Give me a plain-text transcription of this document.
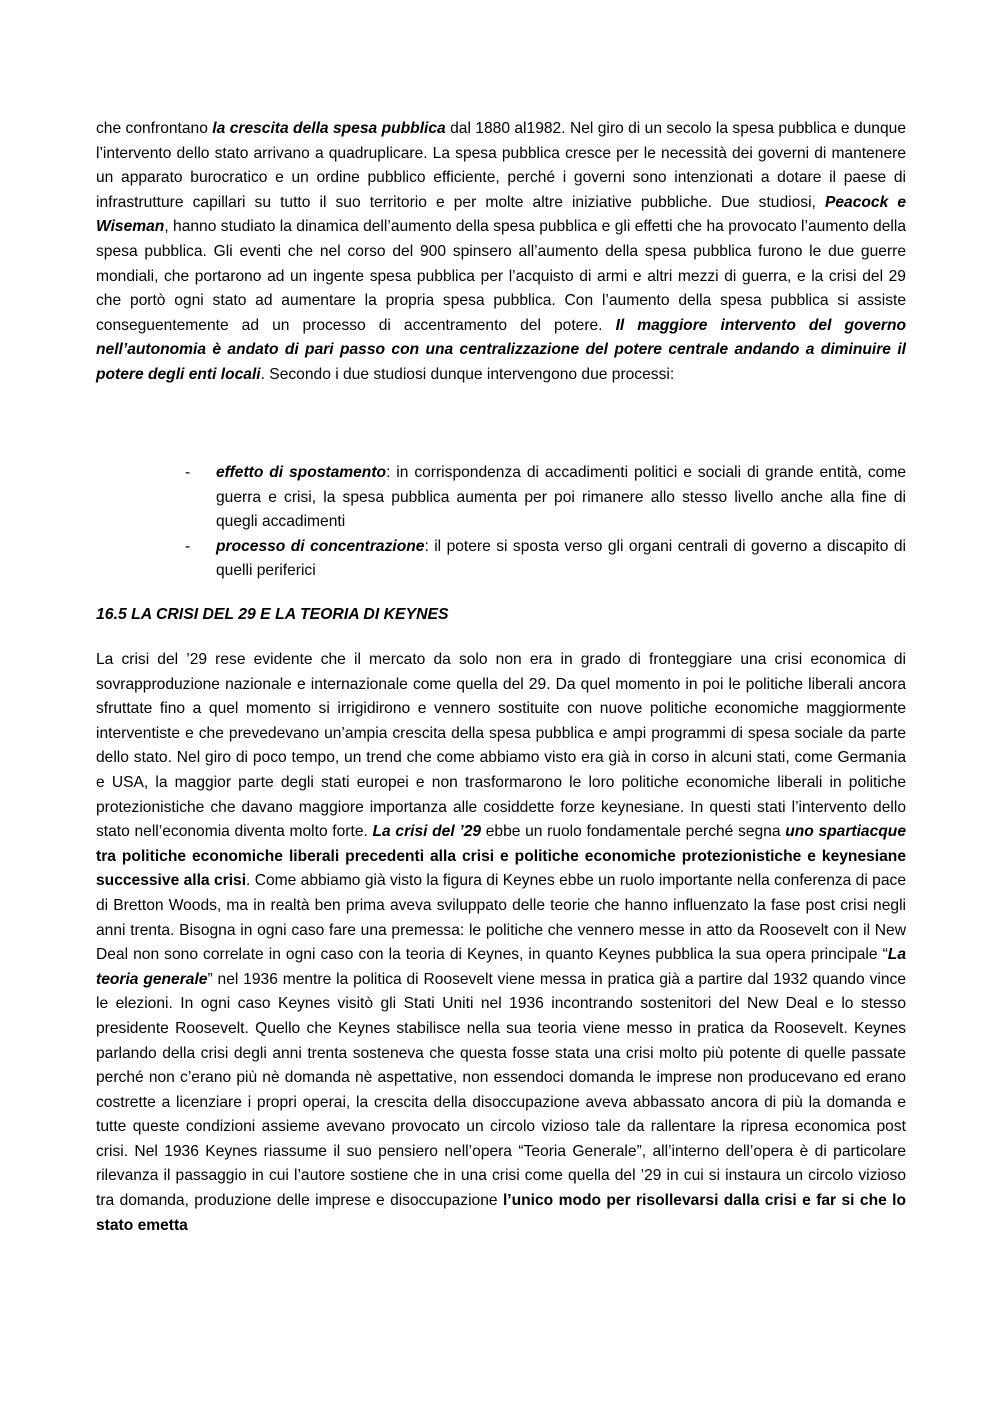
che confrontano la crescita della spesa pubblica dal 1880 al1982. Nel giro di un secolo la spesa pubblica e dunque l’intervento dello stato arrivano a quadruplicare. La spesa pubblica cresce per le necessità dei governi di mantenere un apparato burocratico e un ordine pubblico efficiente, perché i governi sono intenzionati a dotare il paese di infrastrutture capillari su tutto il suo territorio e per molte altre iniziative pubbliche. Due studiosi, Peacock e Wiseman, hanno studiato la dinamica dell’aumento della spesa pubblica e gli effetti che ha provocato l’aumento della spesa pubblica. Gli eventi che nel corso del 900 spinsero all’aumento della spesa pubblica furono le due guerre mondiali, che portarono ad un ingente spesa pubblica per l’acquisto di armi e altri mezzi di guerra, e la crisi del 29 che portò ogni stato ad aumentare la propria spesa pubblica. Con l’aumento della spesa pubblica si assiste conseguentemente ad un processo di accentramento del potere. Il maggiore intervento del governo nell’autonomia è andato di pari passo con una centralizzazione del potere centrale andando a diminuire il potere degli enti locali. Secondo i due studiosi dunque intervengono due processi:

- effetto di spostamento: in corrispondenza di accadimenti politici e sociali di grande entità, come guerra e crisi, la spesa pubblica aumenta per poi rimanere allo stesso livello anche alla fine di quegli accadimenti
- processo di concentrazione: il potere si sposta verso gli organi centrali di governo a discapito di quelli periferici
16.5 LA CRISI DEL 29 E LA TEORIA DI KEYNES

La crisi del ’29 rese evidente che il mercato da solo non era in grado di fronteggiare una crisi economica di sovrapproduzione nazionale e internazionale come quella del 29. Da quel momento in poi le politiche liberali ancora sfruttate fino a quel momento si irrigidirono e vennero sostituite con nuove politiche economiche maggiormente interventiste e che prevedevano un’ampia crescita della spesa pubblica e ampi programmi di spesa sociale da parte dello stato. Nel giro di poco tempo, un trend che come abbiamo visto era già in corso in alcuni stati, come Germania e USA, la maggior parte degli stati europei e non trasformarono le loro politiche economiche liberali in politiche protezionistiche che davano maggiore importanza alle cosiddette forze keynesiane. In questi stati l’intervento dello stato nell’economia diventa molto forte. La crisi del ’29 ebbe un ruolo fondamentale perché segna uno spartiacque tra politiche economiche liberali precedenti alla crisi e politiche economiche protezionistiche e keynesiane successive alla crisi. Come abbiamo già visto la figura di Keynes ebbe un ruolo importante nella conferenza di pace di Bretton Woods, ma in realtà ben prima aveva sviluppato delle teorie che hanno influenzato la fase post crisi negli anni trenta. Bisogna in ogni caso fare una premessa: le politiche che vennero messe in atto da Roosevelt con il New Deal non sono correlate in ogni caso con la teoria di Keynes, in quanto Keynes pubblica la sua opera principale “La teoria generale” nel 1936 mentre la politica di Roosevelt viene messa in pratica già a partire dal 1932 quando vince le elezioni. In ogni caso Keynes visitò gli Stati Uniti nel 1936 incontrando sostenitori del New Deal e lo stesso presidente Roosevelt. Quello che Keynes stabilisce nella sua teoria viene messo in pratica da Roosevelt. Keynes parlando della crisi degli anni trenta sosteneva che questa fosse stata una crisi molto più potente di quelle passate perché non c’erano più nè domanda nè aspettative, non essendoci domanda le imprese non producevano ed erano costrette a licenziare i propri operai, la crescita della disoccupazione aveva abbassato ancora di più la domanda e tutte queste condizioni assieme avevano provocato un circolo vizioso tale da rallentare la ripresa economica post crisi. Nel 1936 Keynes riassume il suo pensiero nell’opera “Teoria Generale”, all’interno dell’opera è di particolare rilevanza il passaggio in cui l’autore sostiene che in una crisi come quella del ’29 in cui si instaura un circolo vizioso tra domanda, produzione delle imprese e disoccupazione l’unico modo per risollevarsi dalla crisi e far si che lo stato emetta
